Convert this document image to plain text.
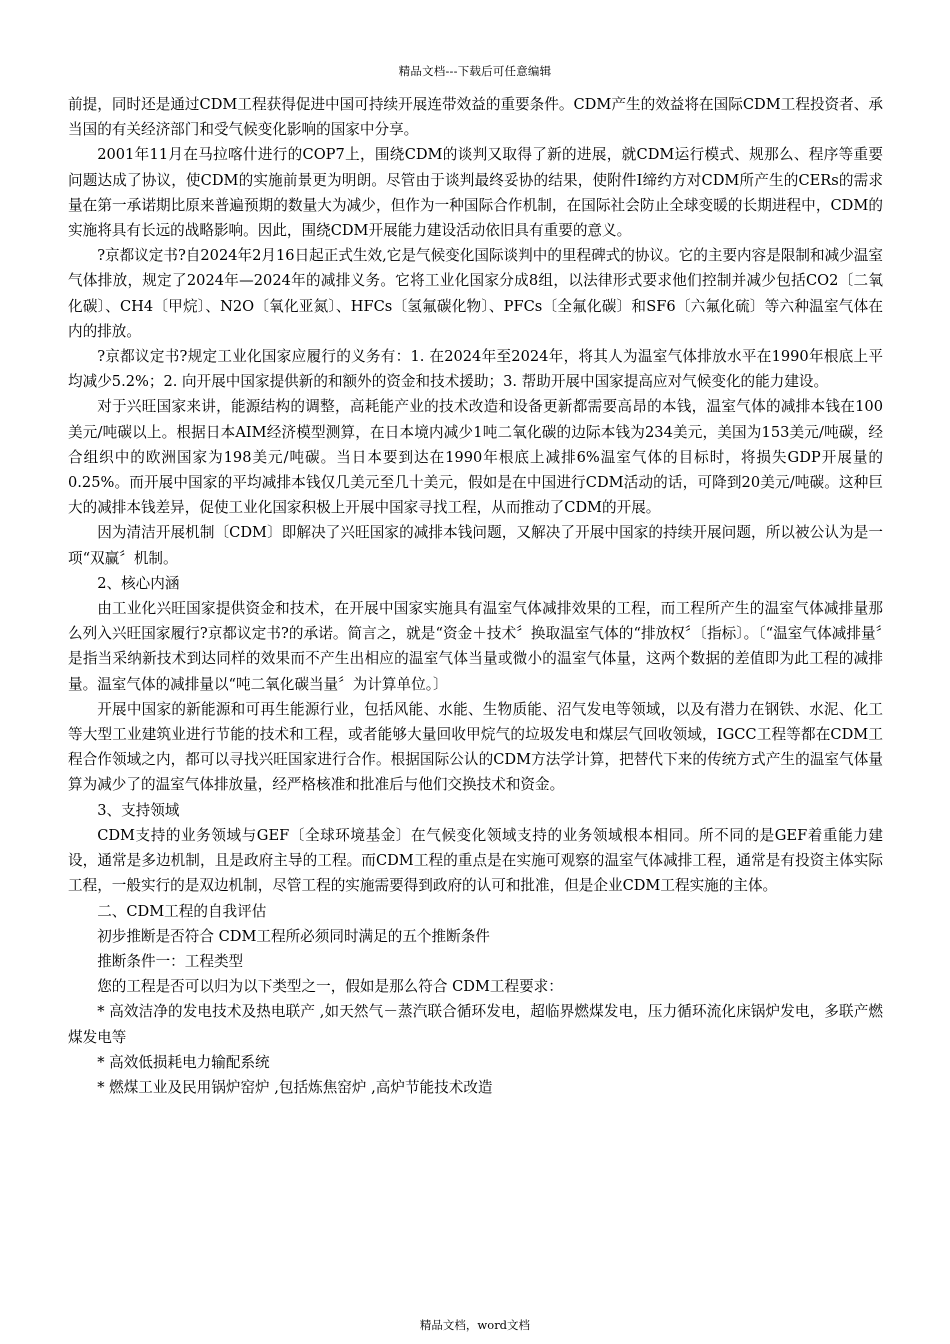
精品文档---下载后可任意编辑

前提，同时还是通过CDM工程获得促进中国可持续开展连带效益的重要条件。CDM产生的效益将在国际CDM工程投资者、承当国的有关经济部门和受气候变化影响的国家中分享。

2001年11月在马拉喀什进行的COP7上，围绕CDM的谈判又取得了新的进展，就CDM运行模式、规那么、程序等重要问题达成了协议，使CDM的实施前景更为明朗。尽管由于谈判最终妥协的结果，使附件I缔约方对CDM所产生的CERs的需求量在第一承诺期比原来普遍预期的数量大为减少，但作为一种国际合作机制，在国际社会防止全球变暖的长期进程中，CDM的实施将具有长远的战略影响。因此，围绕CDM开展能力建设活动依旧具有重要的意义。

?京都议定书?自2024年2月16日起正式生效,它是气候变化国际谈判中的里程碑式的协议。它的主要内容是限制和减少温室气体排放，规定了2024年—2024年的减排义务。它将工业化国家分成8组，以法律形式要求他们控制并减少包括CO2〔二氧化碳〕、CH4〔甲烷〕、N2O〔氧化亚氮〕、HFCs〔氢氟碳化物〕、PFCs〔全氟化碳〕和SF6〔六氟化硫〕等六种温室气体在内的排放。

?京都议定书?规定工业化国家应履行的义务有：1. 在2024年至2024年，将其人为温室气体排放水平在1990年根底上平均减少5.2%；2. 向开展中国家提供新的和额外的资金和技术援助；3. 帮助开展中国家提高应对气候变化的能力建设。

对于兴旺国家来讲，能源结构的调整，高耗能产业的技术改造和设备更新都需要高昂的本钱，温室气体的减排本钱在100美元/吨碳以上。根据日本AIM经济模型测算，在日本境内减少1吨二氧化碳的边际本钱为234美元，美国为153美元/吨碳，经合组织中的欧洲国家为198美元/吨碳。当日本要到达在1990年根底上减排6%温室气体的目标时，将损失GDP开展量的0.25%。而开展中国家的平均减排本钱仅几美元至几十美元，假如是在中国进行CDM活动的话，可降到20美元/吨碳。这种巨大的减排本钱差异，促使工业化国家积极上开展中国家寻找工程，从而推动了CDM的开展。

因为清洁开展机制〔CDM〕即解决了兴旺国家的减排本钱问题，又解决了开展中国家的持续开展问题，所以被公认为是一项“双赢〞机制。

2、核心内涵

由工业化兴旺国家提供资金和技术，在开展中国家实施具有温室气体减排效果的工程，而工程所产生的温室气体减排量那么列入兴旺国家履行?京都议定书?的承诺。简言之，就是“资金＋技术〞换取温室气体的“排放权〞〔指标〕。〔“温室气体减排量〞是指当采纳新技术到达同样的效果而不产生出相应的温室气体当量或微小的温室气体量，这两个数据的差值即为此工程的减排量。温室气体的减排量以“吨二氧化碳当量〞为计算单位。〕

开展中国家的新能源和可再生能源行业，包括风能、水能、生物质能、沼气发电等领域，以及有潜力在钢铁、水泥、化工等大型工业建筑业进行节能的技术和工程，或者能够大量回收甲烷气的垃圾发电和煤层气回收领域，IGCC工程等都在CDM工程合作领域之内，都可以寻找兴旺国家进行合作。根据国际公认的CDM方法学计算，把替代下来的传统方式产生的温室气体量算为减少了的温室气体排放量，经严格核准和批准后与他们交换技术和资金。

3、支持领域

CDM支持的业务领域与GEF〔全球环境基金〕在气候变化领域支持的业务领域根本相同。所不同的是GEF着重能力建设，通常是多边机制，且是政府主导的工程。而CDM工程的重点是在实施可观察的温室气体减排工程，通常是有投资主体实际工程，一般实行的是双边机制，尽管工程的实施需要得到政府的认可和批准，但是企业CDM工程实施的主体。

二、CDM工程的自我评估

初步推断是否符合 CDM工程所必须同时满足的五个推断条件

推断条件一：工程类型

您的工程是否可以归为以下类型之一，假如是那么符合 CDM工程要求：

* 高效洁净的发电技术及热电联产 ,如天然气－蒸汽联合循环发电，超临界燃煤发电，压力循环流化床锅炉发电，多联产燃煤发电等

* 高效低损耗电力输配系统

* 燃煤工业及民用锅炉窑炉 ,包括炼焦窑炉 ,高炉节能技术改造

精品文档，word文档
